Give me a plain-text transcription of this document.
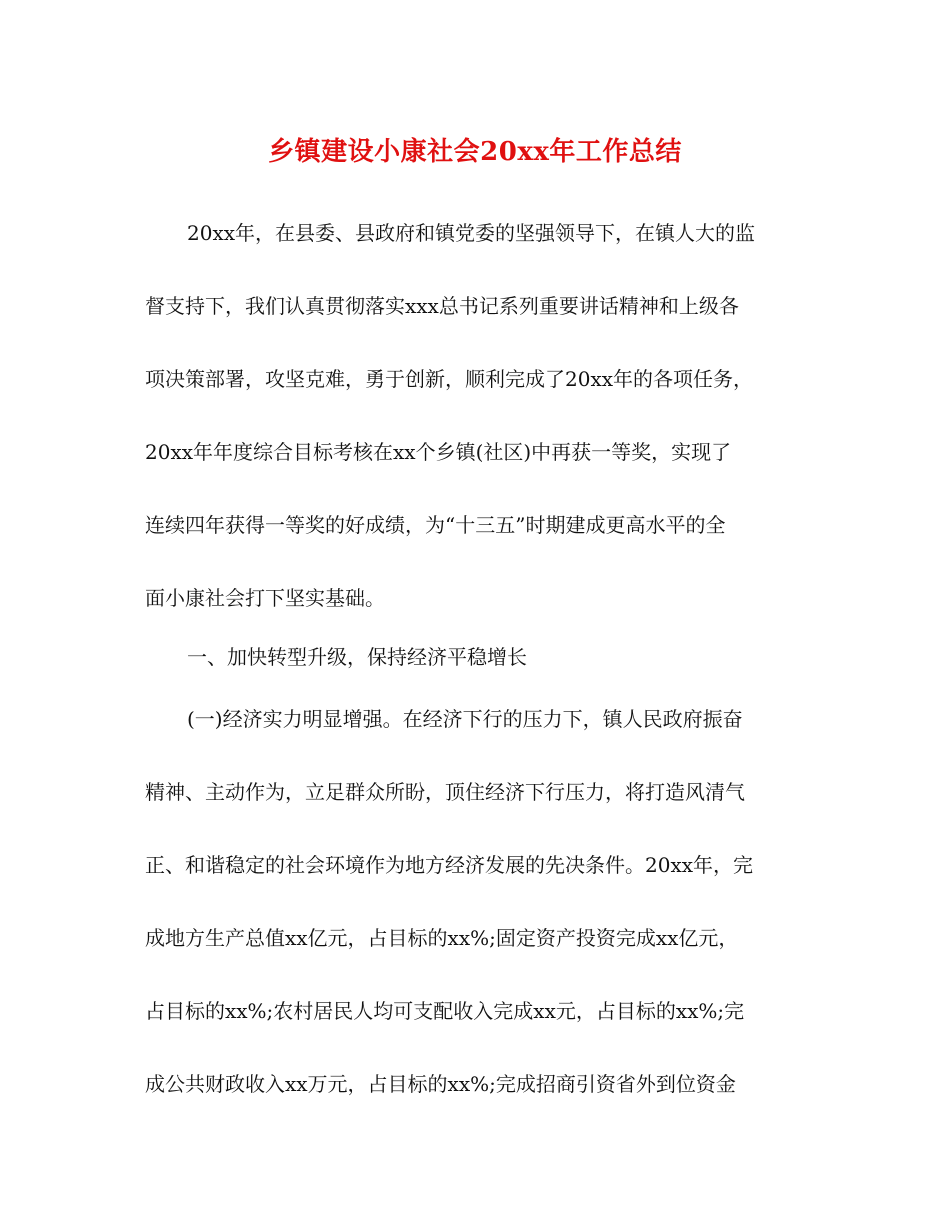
乡镇建设小康社会20xx年工作总结
20xx年，在县委、县政府和镇党委的坚强领导下，在镇人大的监
督支持下，我们认真贯彻落实xxx总书记系列重要讲话精神和上级各
项决策部署，攻坚克难，勇于创新，顺利完成了20xx年的各项任务，
20xx年年度综合目标考核在xx个乡镇(社区)中再获一等奖，实现了
连续四年获得一等奖的好成绩，为“十三五”时期建成更高水平的全
面小康社会打下坚实基础。
一、加快转型升级，保持经济平稳增长
(一)经济实力明显增强。在经济下行的压力下，镇人民政府振奋
精神、主动作为，立足群众所盼，顶住经济下行压力，将打造风清气
正、和谐稳定的社会环境作为地方经济发展的先决条件。20xx年，完
成地方生产总值xx亿元，占目标的xx%;固定资产投资完成xx亿元，
占目标的xx%;农村居民人均可支配收入完成xx元，占目标的xx%;完
成公共财政收入xx万元，占目标的xx%;完成招商引资省外到位资金
